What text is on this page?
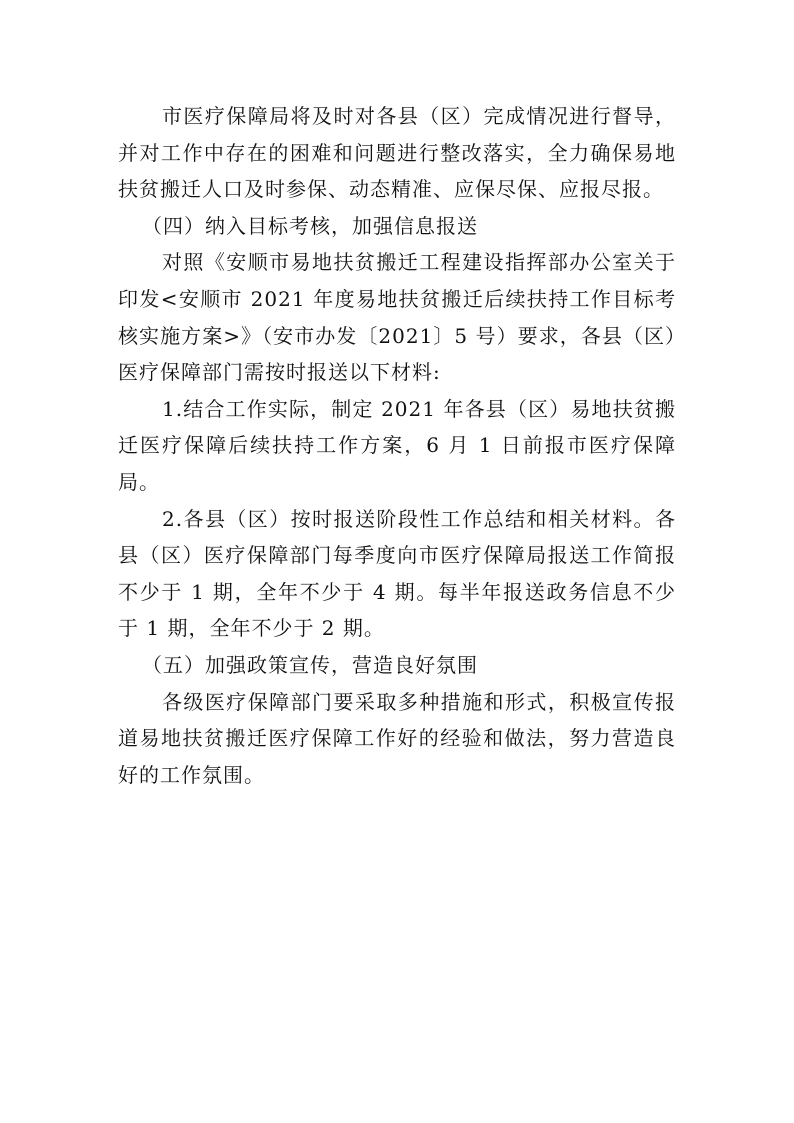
市医疗保障局将及时对各县（区）完成情况进行督导，并对工作中存在的困难和问题进行整改落实，全力确保易地扶贫搬迁人口及时参保、动态精准、应保尽保、应报尽报。

（四）纳入目标考核，加强信息报送

对照《安顺市易地扶贫搬迁工程建设指挥部办公室关于印发<安顺市 2021 年度易地扶贫搬迁后续扶持工作目标考核实施方案>》（安市办发〔2021〕5 号）要求，各县（区）医疗保障部门需按时报送以下材料:

1.结合工作实际，制定 2021 年各县（区）易地扶贫搬迁医疗保障后续扶持工作方案，6 月 1 日前报市医疗保障局。

2.各县（区）按时报送阶段性工作总结和相关材料。各县（区）医疗保障部门每季度向市医疗保障局报送工作简报不少于 1 期，全年不少于 4 期。每半年报送政务信息不少于 1 期，全年不少于 2 期。

（五）加强政策宣传，营造良好氛围

各级医疗保障部门要采取多种措施和形式，积极宣传报道易地扶贫搬迁医疗保障工作好的经验和做法，努力营造良好的工作氛围。
